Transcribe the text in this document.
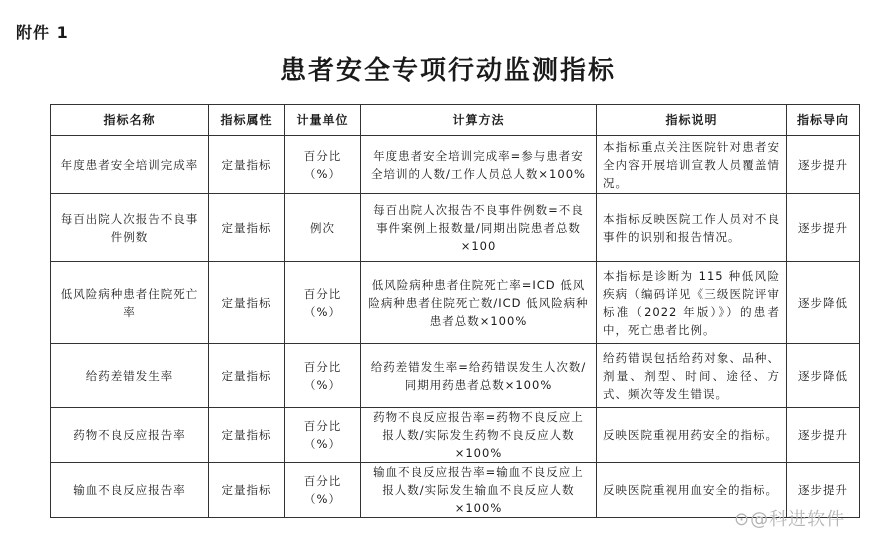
附件 1
患者安全专项行动监测指标
指标名称	指标属性	计量单位	计算方法	指标说明	指标导向
年度患者安全培训完成率	定量指标	百分比（%）	年度患者安全培训完成率=参与患者安全培训的人数/工作人员总人数×100%	本指标重点关注医院针对患者安全内容开展培训宣教人员覆盖情况。	逐步提升
每百出院人次报告不良事件例数	定量指标	例次	每百出院人次报告不良事件例数=不良事件案例上报数量/同期出院患者总数×100	本指标反映医院工作人员对不良事件的识别和报告情况。	逐步提升
低风险病种患者住院死亡率	定量指标	百分比（%）	低风险病种患者住院死亡率=ICD 低风险病种患者住院死亡数/ICD 低风险病种患者总数×100%	本指标是诊断为 115 种低风险疾病（编码详见《三级医院评审标准（2022 年版）》）的患者中，死亡患者比例。	逐步降低
给药差错发生率	定量指标	百分比（%）	给药差错发生率=给药错误发生人次数/同期用药患者总数×100%	给药错误包括给药对象、品种、剂量、剂型、时间、途径、方式、频次等发生错误。	逐步降低
药物不良反应报告率	定量指标	百分比（%）	药物不良反应报告率=药物不良反应上报人数/实际发生药物不良反应人数×100%	反映医院重视用药安全的指标。	逐步提升
输血不良反应报告率	定量指标	百分比（%）	输血不良反应报告率=输血不良反应上报人数/实际发生输血不良反应人数×100%	反映医院重视用血安全的指标。	逐步提升
⊙@科进软件
